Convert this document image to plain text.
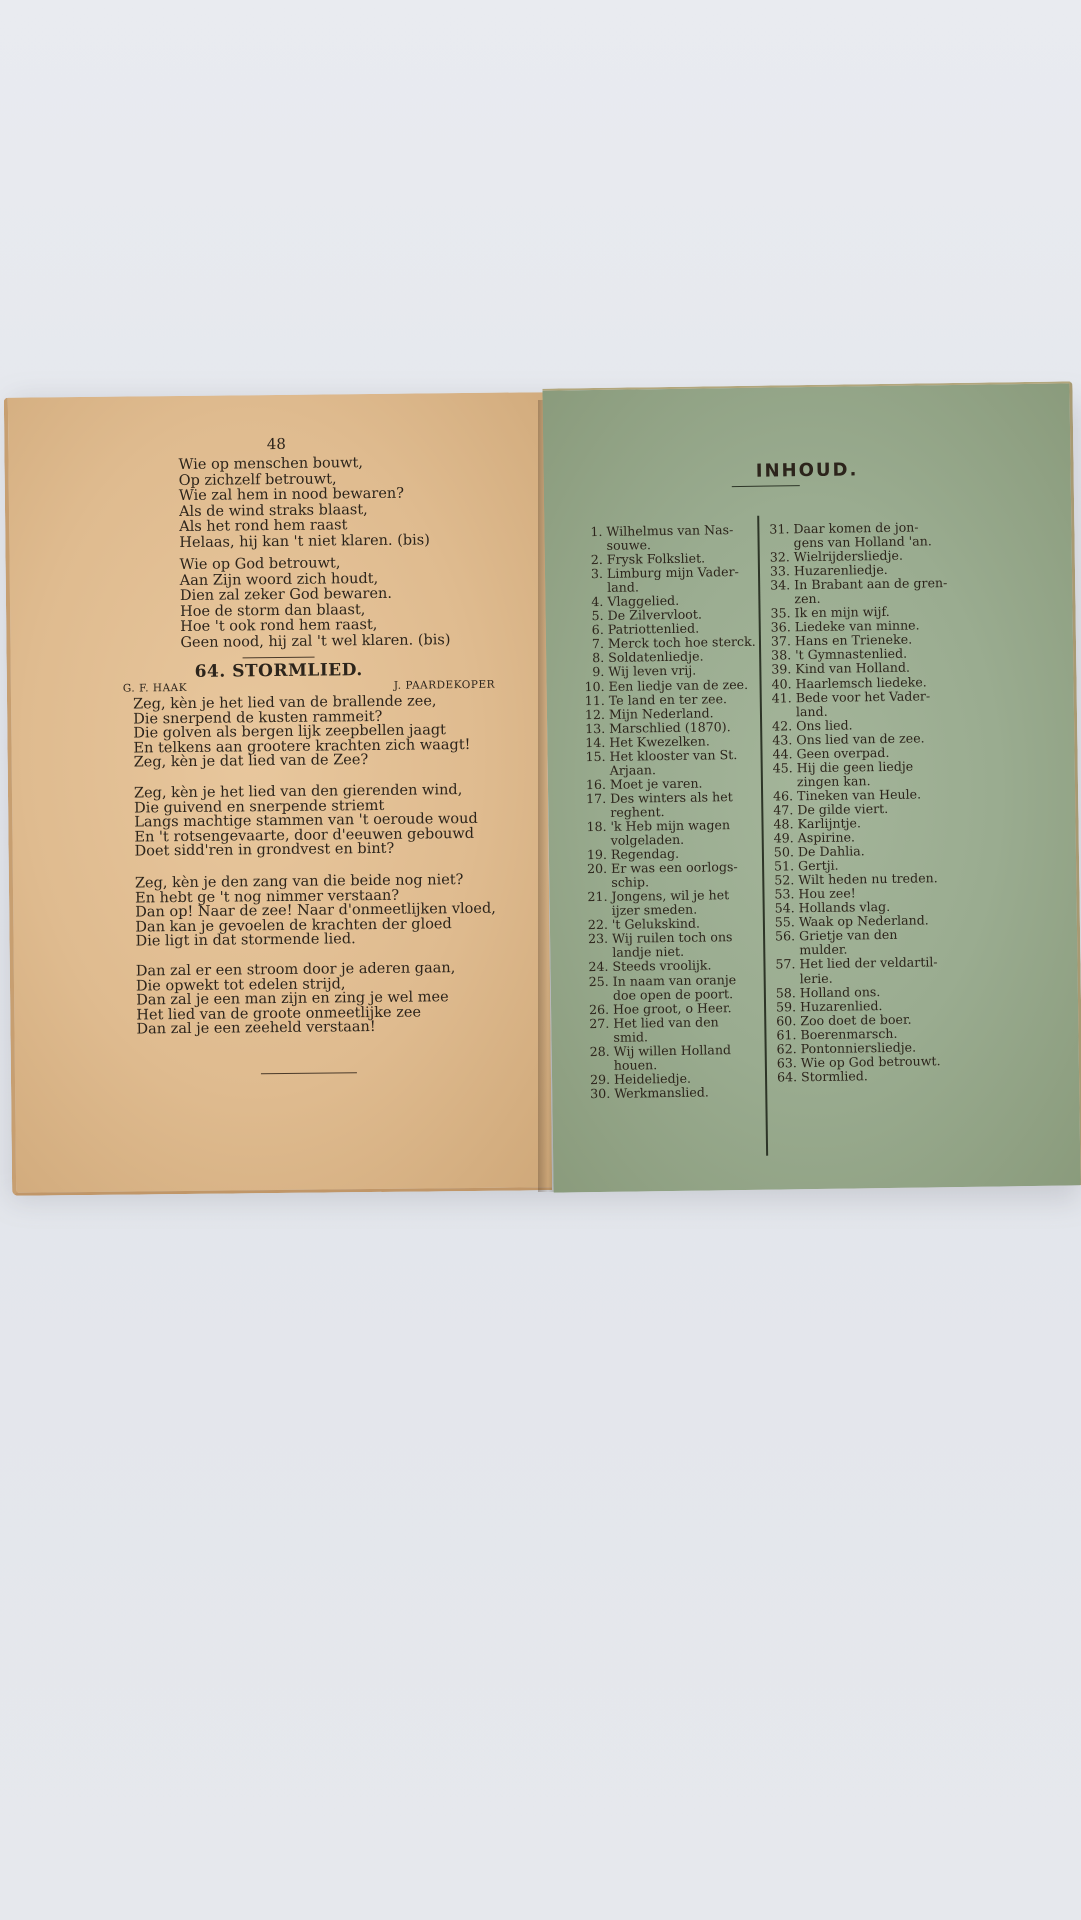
48
Wie op menschen bouwt,
Op zichzelf betrouwt,
Wie zal hem in nood bewaren?
Als de wind straks blaast,
Als het rond hem raast
Helaas, hij kan 't niet klaren. (bis)
Wie op God betrouwt,
Aan Zijn woord zich houdt,
Dien zal zeker God bewaren.
Hoe de storm dan blaast,
Hoe 't ook rond hem raast,
Geen nood, hij zal 't wel klaren. (bis)
64. STORMLIED.
G. F. HAAK	J. PAARDEKOPER
Zeg, kèn je het lied van de brallende zee,
Die snerpend de kusten rammeit?
Die golven als bergen lijk zeepbellen jaagt
En telkens aan grootere krachten zich waagt!
Zeg, kèn je dat lied van de Zee?
Zeg, kèn je het lied van den gierenden wind,
Die guivend en snerpende striemt
Langs machtige stammen van 't oeroude woud
En 't rotsengevaarte, door d'eeuwen gebouwd
Doet sidd'ren in grondvest en bint?
Zeg, kèn je den zang van die beide nog niet?
En hebt ge 't nog nimmer verstaan?
Dan op! Naar de zee! Naar d'onmeetlijken vloed,
Dan kan je gevoelen de krachten der gloed
Die ligt in dat stormende lied.
Dan zal er een stroom door je aderen gaan,
Die opwekt tot edelen strijd,
Dan zal je een man zijn en zing je wel mee
Het lied van de groote onmeetlijke zee
Dan zal je een zeeheld verstaan!
INHOUD.
1. Wilhelmus van Nas-
souwe.
2. Frysk Folksliet.
3. Limburg mijn Vader-
land.
4. Vlaggelied.
5. De Zilvervloot.
6. Patriottenlied.
7. Merck toch hoe sterck.
8. Soldatenliedje.
9. Wij leven vrij.
10. Een liedje van de zee.
11. Te land en ter zee.
12. Mijn Nederland.
13. Marschlied (1870).
14. Het Kwezelken.
15. Het klooster van St.
Arjaan.
16. Moet je varen.
17. Des winters als het
reghent.
18. 'k Heb mijn wagen
volgeladen.
19. Regendag.
20. Er was een oorlogs-
schip.
21. Jongens, wil je het
ijzer smeden.
22. 't Gelukskind.
23. Wij ruilen toch ons
landje niet.
24. Steeds vroolijk.
25. In naam van oranje
doe open de poort.
26. Hoe groot, o Heer.
27. Het lied van den
smid.
28. Wij willen Holland
houen.
29. Heideliedje.
30. Werkmanslied.
31. Daar komen de jon-
gens van Holland 'an.
32. Wielrijdersliedje.
33. Huzarenliedje.
34. In Brabant aan de gren-
zen.
35. Ik en mijn wijf.
36. Liedeke van minne.
37. Hans en Trieneke.
38. 't Gymnastenlied.
39. Kind van Holland.
40. Haarlemsch liedeke.
41. Bede voor het Vader-
land.
42. Ons lied.
43. Ons lied van de zee.
44. Geen overpad.
45. Hij die geen liedje
zingen kan.
46. Tineken van Heule.
47. De gilde viert.
48. Karlijntje.
49. Aspirine.
50. De Dahlia.
51. Gertji.
52. Wilt heden nu treden.
53. Hou zee!
54. Hollands vlag.
55. Waak op Nederland.
56. Grietje van den
mulder.
57. Het lied der veldartil-
lerie.
58. Holland ons.
59. Huzarenlied.
60. Zoo doet de boer.
61. Boerenmarsch.
62. Pontonniersliedje.
63. Wie op God betrouwt.
64. Stormlied.
